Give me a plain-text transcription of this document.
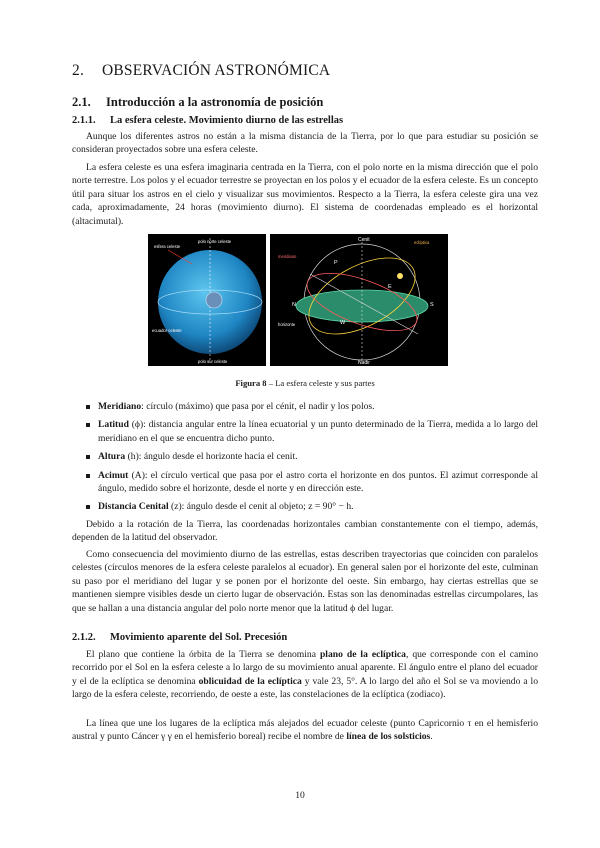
2. OBSERVACIÓN ASTRONÓMICA
2.1. Introducción a la astronomía de posición
2.1.1. La esfera celeste. Movimiento diurno de las estrellas

Aunque los diferentes astros no están a la misma distancia de la Tierra, por lo que para estudiar su posición se consideran proyectados sobre una esfera celeste.

La esfera celeste es una esfera imaginaria centrada en la Tierra, con el polo norte en la misma dirección que el polo norte terrestre. Los polos y el ecuador terrestre se proyectan en los polos y el ecuador de la esfera celeste. Es un concepto útil para situar los astros en el cielo y visualizar sus movimientos. Respecto a la Tierra, la esfera celeste gira una vez cada, aproximadamente, 24 horas (movimiento diurno). El sistema de coordenadas empleado es el horizontal (altacimutal).

polo norte celeste
esfera celeste
ecuador celeste
polo sur celeste
Cenit
Nadir
eclíptica
horizonte
meridiano
N	S
E
W
P

Figura 8 – La esfera celeste y sus partes

Meridiano: círculo (máximo) que pasa por el cénit, el nadir y los polos.
Latitud (ϕ): distancia angular entre la línea ecuatorial y un punto determinado de la Tierra, medida a lo largo del meridiano en el que se encuentra dicho punto.
Altura (h): ángulo desde el horizonte hacia el cenit.
Acimut (A): el círculo vertical que pasa por el astro corta el horizonte en dos puntos. El azimut corresponde al ángulo, medido sobre el horizonte, desde el norte y en dirección este.
Distancia Cenital (z): ángulo desde el cenit al objeto; z = 90° − h.

Debido a la rotación de la Tierra, las coordenadas horizontales cambian constantemente con el tiempo, además, dependen de la latitud del observador.

Como consecuencia del movimiento diurno de las estrellas, estas describen trayectorias que coinciden con paralelos celestes (círculos menores de la esfera celeste paralelos al ecuador). En general salen por el horizonte del este, culminan su paso por el meridiano del lugar y se ponen por el horizonte del oeste. Sin embargo, hay ciertas estrellas que se mantienen siempre visibles desde un cierto lugar de observación. Estas son las denominadas estrellas circumpolares, las que se hallan a una distancia angular del polo norte menor que la latitud ϕ del lugar.

2.1.2. Movimiento aparente del Sol. Precesión

El plano que contiene la órbita de la Tierra se denomina plano de la eclíptica, que corresponde con el camino recorrido por el Sol en la esfera celeste a lo largo de su movimiento anual aparente. El ángulo entre el plano del ecuador y el de la eclíptica se denomina oblicuidad de la eclíptica y vale 23, 5°. A lo largo del año el Sol se va moviendo a lo largo de la esfera celeste, recorriendo, de oeste a este, las constelaciones de la eclíptica (zodiaco).

La línea que une los lugares de la eclíptica más alejados del ecuador celeste (punto Capricornio τ en el hemisferio austral y punto Cáncer γ γ en el hemisferio boreal) recibe el nombre de línea de los solsticios.

10
